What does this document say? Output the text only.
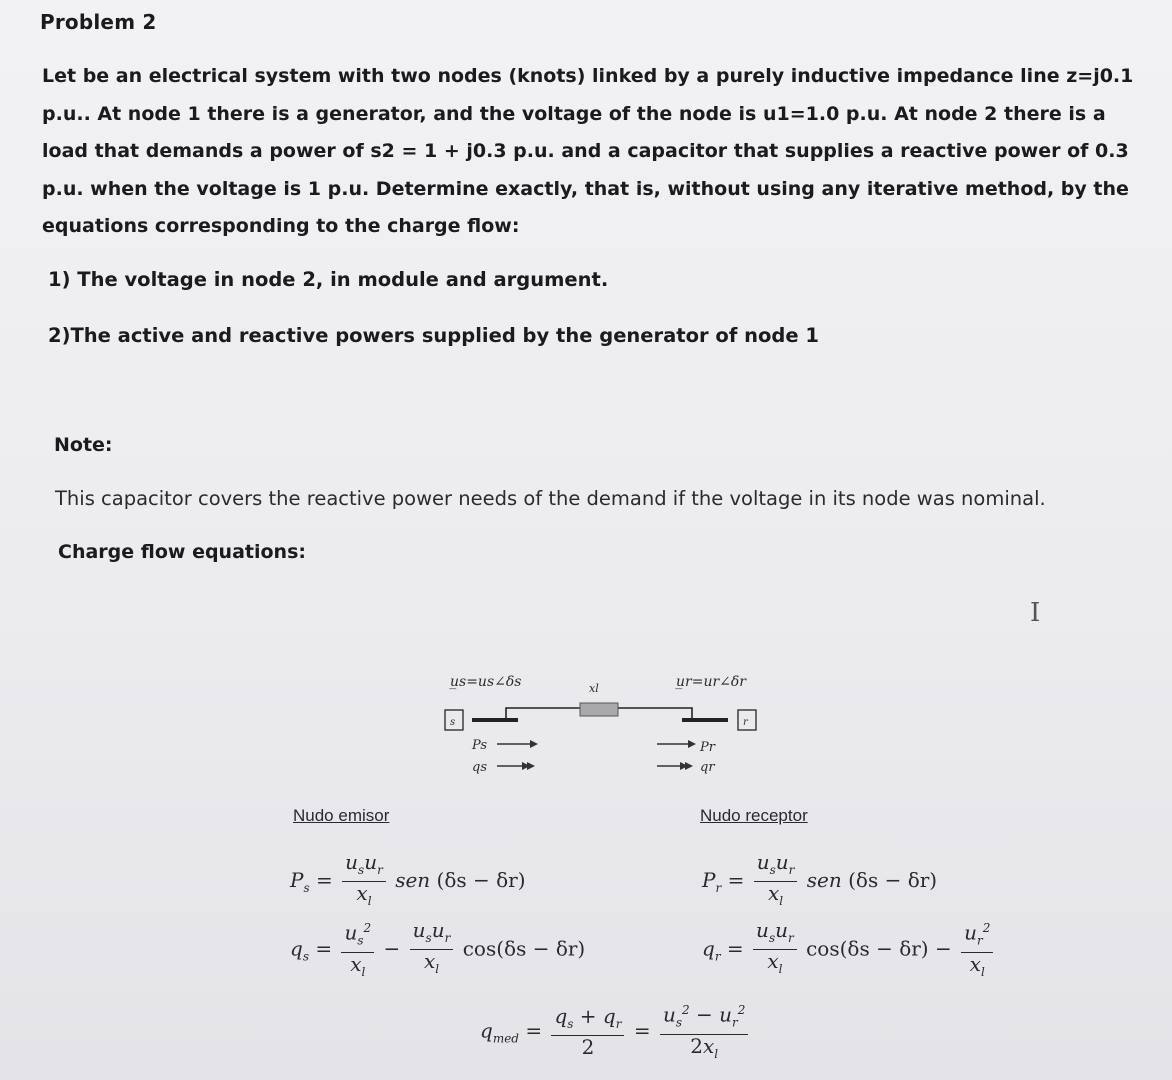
Problem 2
Let be an electrical system with two nodes (knots) linked by a purely inductive impedance line z=j0.1
p.u.. At node 1 there is a generator, and the voltage of the node is u1=1.0 p.u. At node 2 there is a
load that demands a power of s2 = 1 + j0.3 p.u. and a capacitor that supplies a reactive power of 0.3
p.u. when the voltage is 1 p.u. Determine exactly, that is, without using any iterative method, by the
equations corresponding to the charge flow:
1) The voltage in node 2, in module and argument.
2)The active and reactive powers supplied by the generator of node 1
Note:
This capacitor covers the reactive power needs of the demand if the voltage in its node was nominal.
Charge flow equations:
I
u̲s=us∠δs	u̲r=ur∠δr
xl
s	r
Ps
qs
Pr
qr
Nudo emisor	Nudo receptor
$P_s = \frac{u_su_r}{x_l}$ sen (δs − δr)
$q_s = \frac{u_s^2}{x_l} - \frac{u_su_r}{x_l} \cos(\delta s - \delta r)$
$P_r = \frac{u_su_r}{x_l}$ sen (δs − δr)
$q_r = \frac{u_su_r}{x_l} \cos(\delta s - \delta r) - \frac{u_r^2}{x_l}$
$q_{med} = \frac{q_s + q_r}{2} = \frac{u_s^2 - u_r^2}{2x_l}$
